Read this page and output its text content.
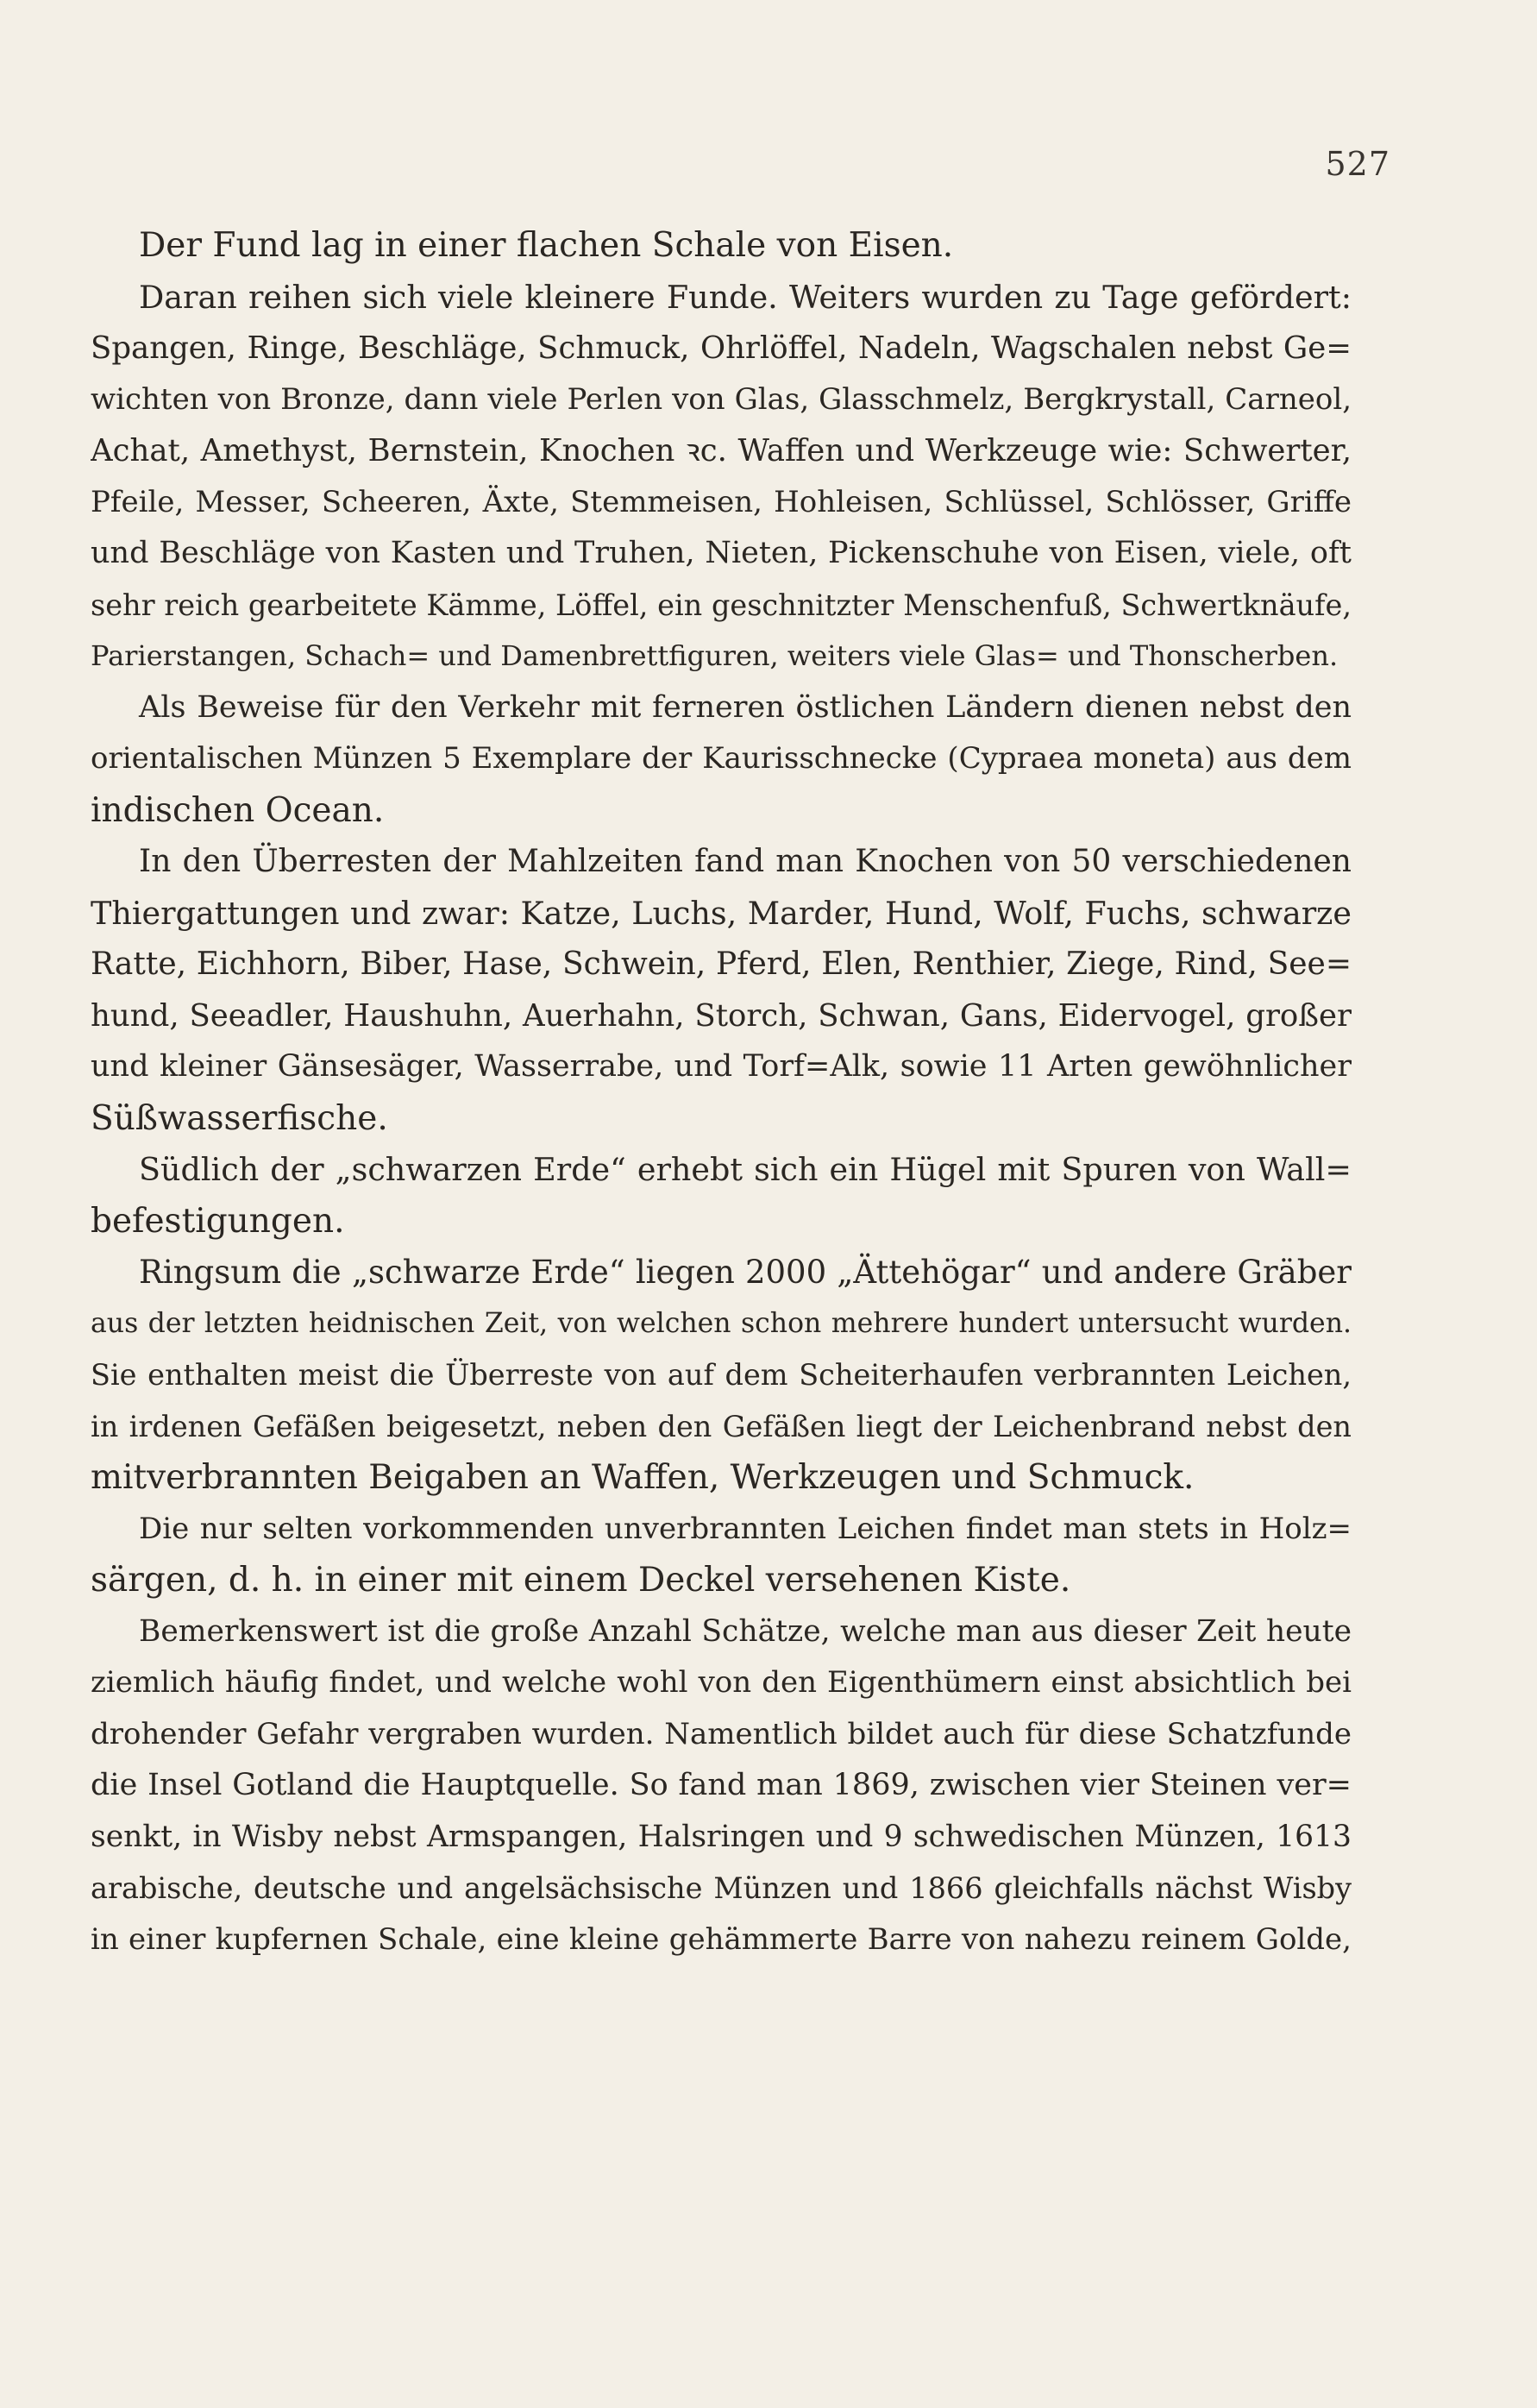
527
Der Fund lag in einer flachen Schale von Eisen.
Daran reihen sich viele kleinere Funde. Weiters wurden zu Tage gefördert:
Spangen, Ringe, Beschläge, Schmuck, Ohrlöffel, Nadeln, Wagschalen nebst Ge=
wichten von Bronze, dann viele Perlen von Glas, Glasschmelz, Bergkrystall, Carneol,
Achat, Amethyst, Bernstein, Knochen ꝛc. Waffen und Werkzeuge wie: Schwerter,
Pfeile, Messer, Scheeren, Äxte, Stemmeisen, Hohleisen, Schlüssel, Schlösser, Griffe
und Beschläge von Kasten und Truhen, Nieten, Pickenschuhe von Eisen, viele, oft
sehr reich gearbeitete Kämme, Löffel, ein geschnitzter Menschenfuß, Schwertknäufe,
Parierstangen, Schach= und Damenbrettfiguren, weiters viele Glas= und Thonscherben.
Als Beweise für den Verkehr mit ferneren östlichen Ländern dienen nebst den
orientalischen Münzen 5 Exemplare der Kaurisschnecke (Cypraea moneta) aus dem
indischen Ocean.
In den Überresten der Mahlzeiten fand man Knochen von 50 verschiedenen
Thiergattungen und zwar: Katze, Luchs, Marder, Hund, Wolf, Fuchs, schwarze
Ratte, Eichhorn, Biber, Hase, Schwein, Pferd, Elen, Renthier, Ziege, Rind, See=
hund, Seeadler, Haushuhn, Auerhahn, Storch, Schwan, Gans, Eidervogel, großer
und kleiner Gänsesäger, Wasserrabe, und Torf=Alk, sowie 11 Arten gewöhnlicher
Süßwasserfische.
Südlich der „schwarzen Erde“ erhebt sich ein Hügel mit Spuren von Wall=
befestigungen.
Ringsum die „schwarze Erde“ liegen 2000 „Ättehögar“ und andere Gräber
aus der letzten heidnischen Zeit, von welchen schon mehrere hundert untersucht wurden.
Sie enthalten meist die Überreste von auf dem Scheiterhaufen verbrannten Leichen,
in irdenen Gefäßen beigesetzt, neben den Gefäßen liegt der Leichenbrand nebst den
mitverbrannten Beigaben an Waffen, Werkzeugen und Schmuck.
Die nur selten vorkommenden unverbrannten Leichen findet man stets in Holz=
särgen, d. h. in einer mit einem Deckel versehenen Kiste.
Bemerkenswert ist die große Anzahl Schätze, welche man aus dieser Zeit heute
ziemlich häufig findet, und welche wohl von den Eigenthümern einst absichtlich bei
drohender Gefahr vergraben wurden. Namentlich bildet auch für diese Schatzfunde
die Insel Gotland die Hauptquelle. So fand man 1869, zwischen vier Steinen ver=
senkt, in Wisby nebst Armspangen, Halsringen und 9 schwedischen Münzen, 1613
arabische, deutsche und angelsächsische Münzen und 1866 gleichfalls nächst Wisby
in einer kupfernen Schale, eine kleine gehämmerte Barre von nahezu reinem Golde,
